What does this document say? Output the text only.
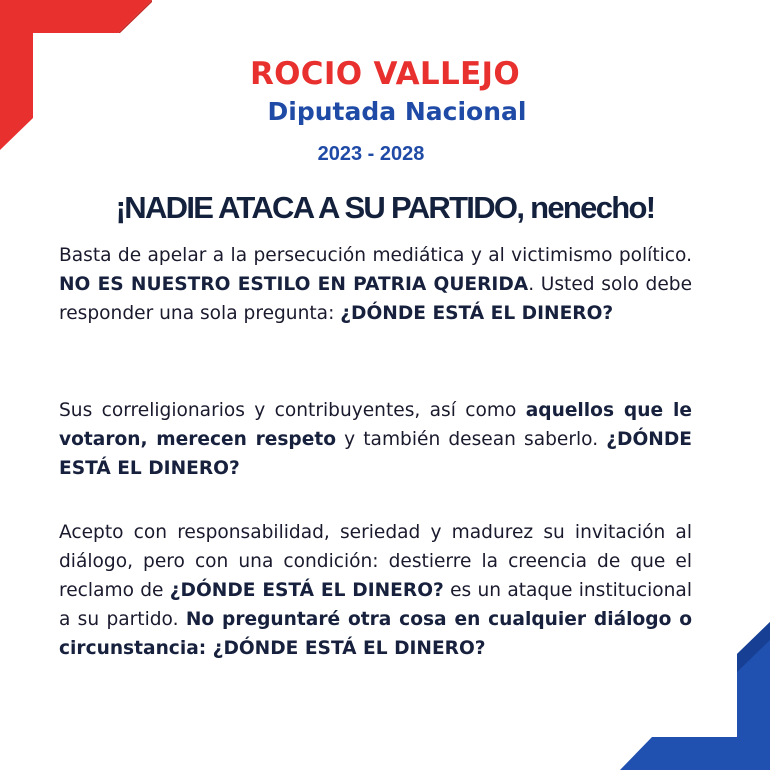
ROCIO VALLEJO
Diputada Nacional
2023 - 2028
¡NADIE ATACA A SU PARTIDO, nenecho!

Basta de apelar a la persecución mediática y al victimismo político. NO ES NUESTRO ESTILO EN PATRIA QUERIDA. Usted solo debe responder una sola pregunta: ¿DÓNDE ESTÁ EL DINERO?

Sus correligionarios y contribuyentes, así como aquellos que le votaron, merecen respeto y también desean saberlo. ¿DÓNDE ESTÁ EL DINERO?

Acepto con responsabilidad, seriedad y madurez su invitación al diálogo, pero con una condición: destierre la creencia de que el reclamo de ¿DÓNDE ESTÁ EL DINERO? es un ataque institucional a su partido. No preguntaré otra cosa en cualquier diálogo o circunstancia: ¿DÓNDE ESTÁ EL DINERO?
